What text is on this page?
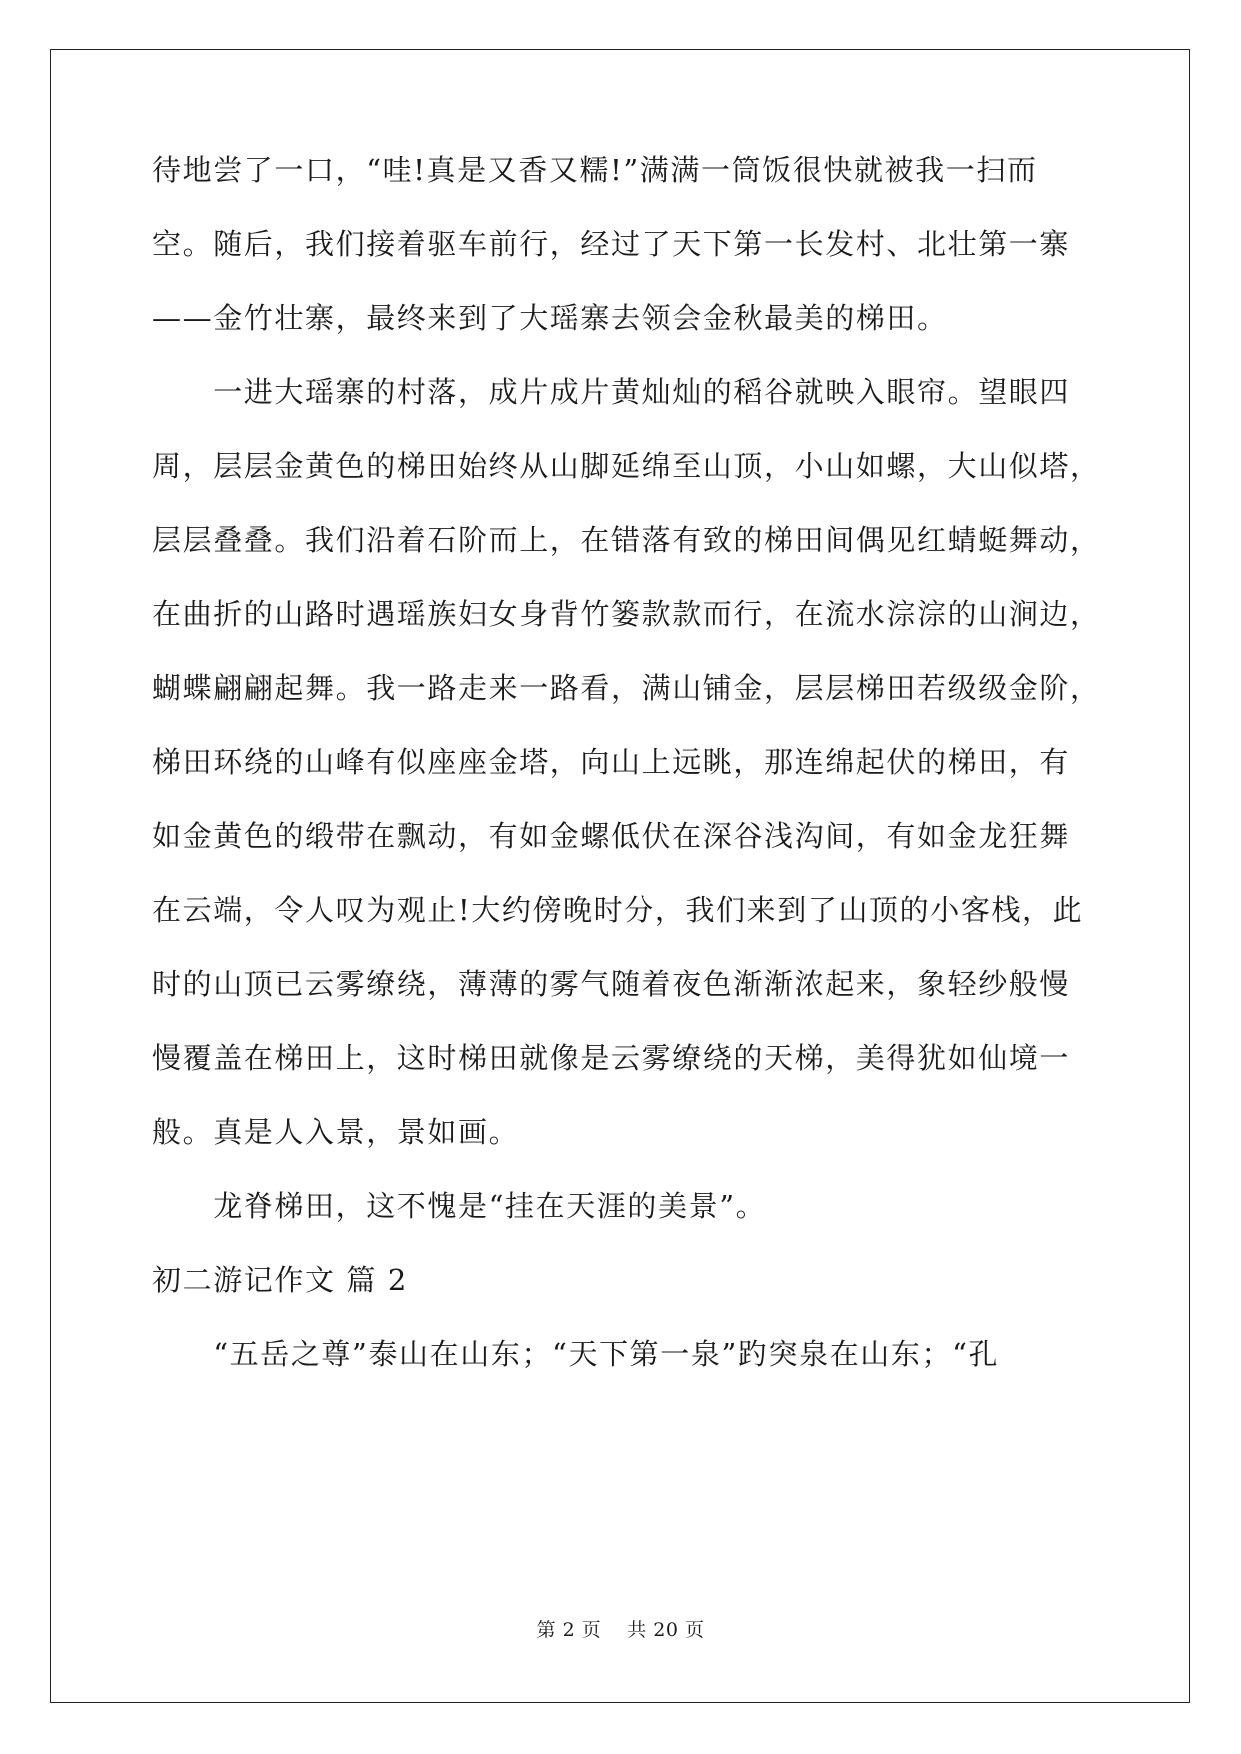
待地尝了一口，“哇!真是又香又糯!”满满一筒饭很快就被我一扫而
空。随后，我们接着驱车前行，经过了天下第一长发村、北壮第一寨
——金竹壮寨，最终来到了大瑶寨去领会金秋最美的梯田。
　　一进大瑶寨的村落，成片成片黄灿灿的稻谷就映入眼帘。望眼四
周，层层金黄色的梯田始终从山脚延绵至山顶，小山如螺，大山似塔，
层层叠叠。我们沿着石阶而上，在错落有致的梯田间偶见红蜻蜓舞动，
在曲折的山路时遇瑶族妇女身背竹篓款款而行，在流水淙淙的山涧边，
蝴蝶翩翩起舞。我一路走来一路看，满山铺金，层层梯田若级级金阶，
梯田环绕的山峰有似座座金塔，向山上远眺，那连绵起伏的梯田，有
如金黄色的缎带在飘动，有如金螺低伏在深谷浅沟间，有如金龙狂舞
在云端，令人叹为观止!大约傍晚时分，我们来到了山顶的小客栈，此
时的山顶已云雾缭绕，薄薄的雾气随着夜色渐渐浓起来，象轻纱般慢
慢覆盖在梯田上，这时梯田就像是云雾缭绕的天梯，美得犹如仙境一
般。真是人入景，景如画。
　　龙脊梯田，这不愧是“挂在天涯的美景”。
初二游记作文 篇 2
　　“五岳之尊”泰山在山东；“天下第一泉”趵突泉在山东；“孔
第 2 页 共 20 页
